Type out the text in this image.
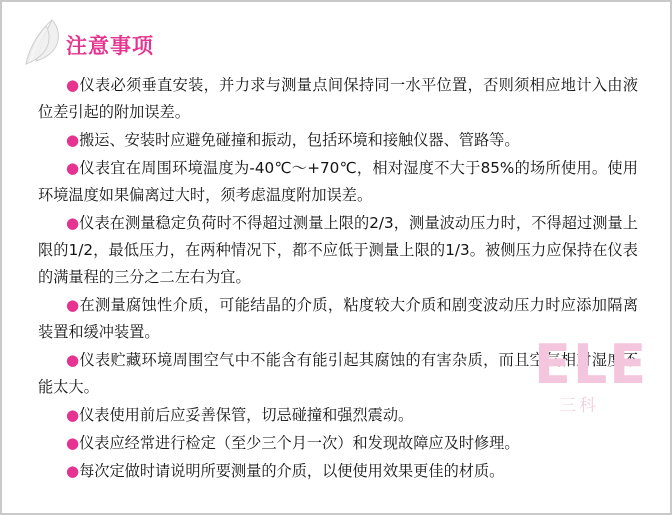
注意事项

●仪表必须垂直安装，并力求与测量点间保持同一水平位置，否则须相应地计入由液位差引起的附加误差。

●搬运、安装时应避免碰撞和振动，包括环境和接触仪器、管路等。

●仪表宜在周围环境温度为-40℃～+70℃，相对湿度不大于85%的场所使用。使用环境温度如果偏离过大时，须考虑温度附加误差。

●仪表在测量稳定负荷时不得超过测量上限的2/3，测量波动压力时，不得超过测量上限的1/2，最低压力，在两种情况下，都不应低于测量上限的1/3。被侧压力应保持在仪表的满量程的三分之二左右为宜。

●在测量腐蚀性介质，可能结晶的介质，粘度较大介质和剧变波动压力时应添加隔离装置和缓冲装置。

●仪表贮藏环境周围空气中不能含有能引起其腐蚀的有害杂质，而且空气相对湿度不能太大。

●仪表使用前后应妥善保管，切忌碰撞和强烈震动。

●仪表应经常进行检定（至少三个月一次）和发现故障应及时修理。

●每次定做时请说明所要测量的介质，以便使用效果更佳的材质。

ELE
三科
